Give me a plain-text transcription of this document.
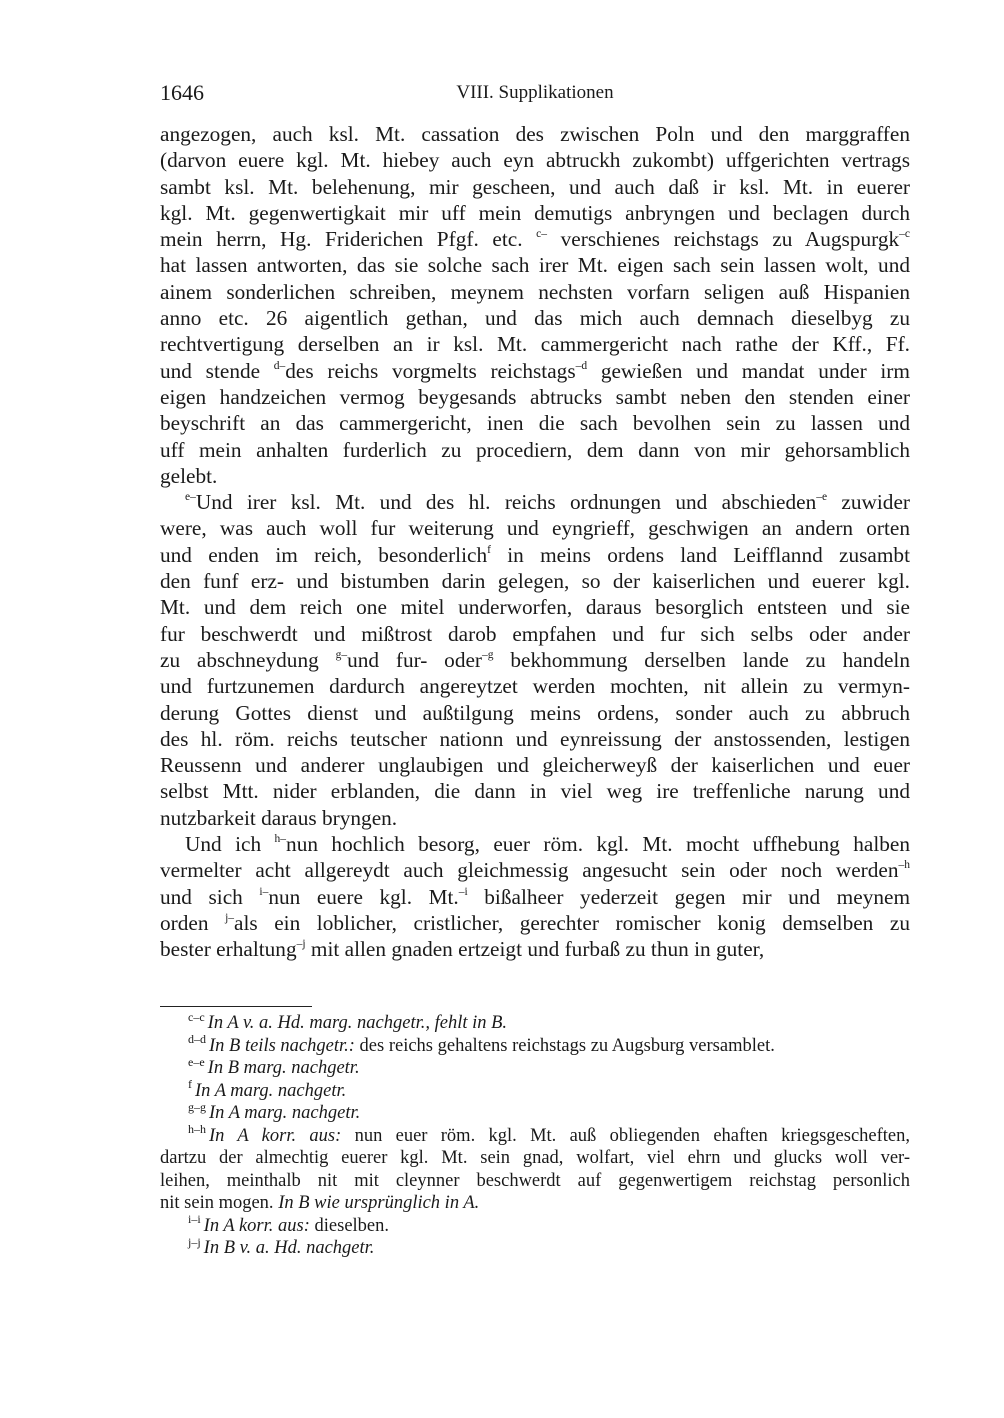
1646	VIII. Supplikationen
angezogen, auch ksl. Mt. cassation des zwischen Poln und den marggraffen
(darvon euere kgl. Mt. hiebey auch eyn abtruckh zukombt) uffgerichten vertrags
sambt ksl. Mt. belehenung, mir gescheen, und auch daß ir ksl. Mt. in euerer
kgl. Mt. gegenwertigkait mir uff mein demutigs anbryngen und beclagen durch
mein herrn, Hg. Friderichen Pfgf. etc. $^{c-}$ verschienes reichstags zu Augspurgk$^{-c}$
hat lassen antworten, das sie solche sach irer Mt. eigen sach sein lassen wolt, und
ainem sonderlichen schreiben, meynem nechsten vorfarn seligen auß Hispanien
anno etc. 26 aigentlich gethan, und das mich auch demnach dieselbyg zu
rechtvertigung derselben an ir ksl. Mt. cammergericht nach rathe der Kff., Ff.
und stende $^{d-}$des reichs vorgmelts reichstags$^{-d}$ gewießen und mandat under irm
eigen handzeichen vermog beygesands abtrucks sambt neben den stenden einer
beyschrift an das cammergericht, inen die sach bevolhen sein zu lassen und
uff mein anhalten furderlich zu procediern, dem dann von mir gehorsamblich
gelebt.
$^{e-}$Und irer ksl. Mt. und des hl. reichs ordnungen und abschieden$^{-e}$ zuwider
were, was auch woll fur weiterung und eyngrieff, geschwigen an andern orten
und enden im reich, besonderlich$^f$ in meins ordens land Leifflannd zusambt
den funf erz- und bistumben darin gelegen, so der kaiserlichen und euerer kgl.
Mt. und dem reich one mitel underworfen, daraus besorglich entsteen und sie
fur beschwerdt und mißtrost darob empfahen und fur sich selbs oder ander
zu abschneydung $^{g-}$und fur- oder$^{-g}$ bekhommung derselben lande zu handeln
und furtzunemen dardurch angereytzet werden mochten, nit allein zu vermyn-
derung Gottes dienst und außtilgung meins ordens, sonder auch zu abbruch
des hl. röm. reichs teutscher nationn und eynreissung der anstossenden, lestigen
Reussenn und anderer unglaubigen und gleicherweyß der kaiserlichen und euer
selbst Mtt. nider erblanden, die dann in viel weg ire treffenliche narung und
nutzbarkeit daraus bryngen.
Und ich $^{h-}$nun hochlich besorg, euer röm. kgl. Mt. mocht uffhebung halben
vermelter acht allgereydt auch gleichmessig angesucht sein oder noch werden$^{-h}$
und sich $^{i-}$nun euere kgl. Mt.$^{-i}$ bißalheer yederzeit gegen mir und meynem
orden $^{j-}$als ein loblicher, cristlicher, gerechter romischer konig demselben zu
bester erhaltung$^{-j}$ mit allen gnaden ertzeigt und furbaß zu thun in guter,
$^{c-c}$ In A v. a. Hd. marg. nachgetr., fehlt in B.
$^{d-d}$ In B teils nachgetr.: des reichs gehaltens reichstags zu Augsburg versamblet.
$^{e-e}$ In B marg. nachgetr.
$^f$ In A marg. nachgetr.
$^{g-g}$ In A marg. nachgetr.
$^{h-h}$ In A korr. aus: nun euer röm. kgl. Mt. auß obliegenden ehaften kriegsgescheften,
dartzu der almechtig euerer kgl. Mt. sein gnad, wolfart, viel ehrn und glucks woll ver-
leihen, meinthalb nit mit cleynner beschwerdt auf gegenwertigem reichstag personlich
nit sein mogen. In B wie ursprünglich in A.
$^{i-i}$ In A korr. aus: dieselben.
$^{j-j}$ In B v. a. Hd. nachgetr.
